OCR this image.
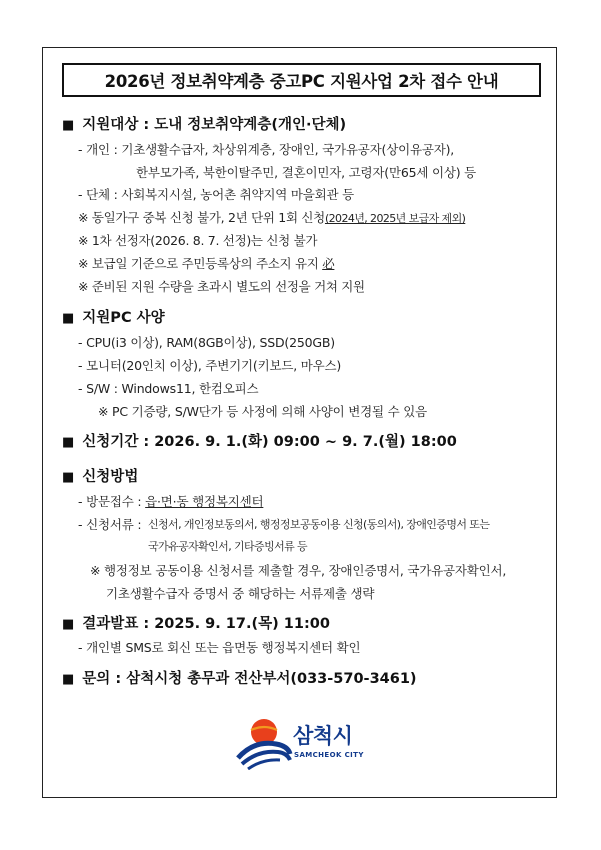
2026년 정보취약계층 중고PC 지원사업 2차 접수 안내
■ 지원대상 : 도내 정보취약계층(개인·단체)
- 개인 : 기초생활수급자, 차상위계층, 장애인, 국가유공자(상이유공자),
한부모가족, 북한이탈주민, 결혼이민자, 고령자(만65세 이상) 등
- 단체 : 사회복지시설, 농어촌 취약지역 마을회관 등
※ 동일가구 중복 신청 불가, 2년 단위 1회 신청(2024년, 2025년 보급자 제외)
※ 1차 선정자(2026. 8. 7. 선정)는 신청 불가
※ 보급일 기준으로 주민등록상의 주소지 유지 必
※ 준비된 지원 수량을 초과시 별도의 선정을 거쳐 지원
■ 지원PC 사양
- CPU(i3 이상), RAM(8GB이상), SSD(250GB)
- 모니터(20인치 이상), 주변기기(키보드, 마우스)
- S/W : Windows11, 한컴오피스
※ PC 기증량, S/W단가 등 사정에 의해 사양이 변경될 수 있음
■ 신청기간 : 2026. 9. 1.(화) 09:00 ~ 9. 7.(월) 18:00
■ 신청방법
- 방문접수 : 읍·면·동 행정복지센터
- 신청서류 : 신청서, 개인정보동의서, 행정정보공동이용 신청(동의서), 장애인증명서 또는
국가유공자확인서, 기타증빙서류 등
※ 행정정보 공동이용 신청서를 제출할 경우, 장애인증명서, 국가유공자확인서,
기초생활수급자 증명서 중 해당하는 서류제출 생략
■ 결과발표 : 2025. 9. 17.(목) 11:00
- 개인별 SMS로 회신 또는 읍면동 행정복지센터 확인
■ 문의 : 삼척시청 총무과 전산부서(033-570-3461)
삼척시
SAMCHEOK CITY
